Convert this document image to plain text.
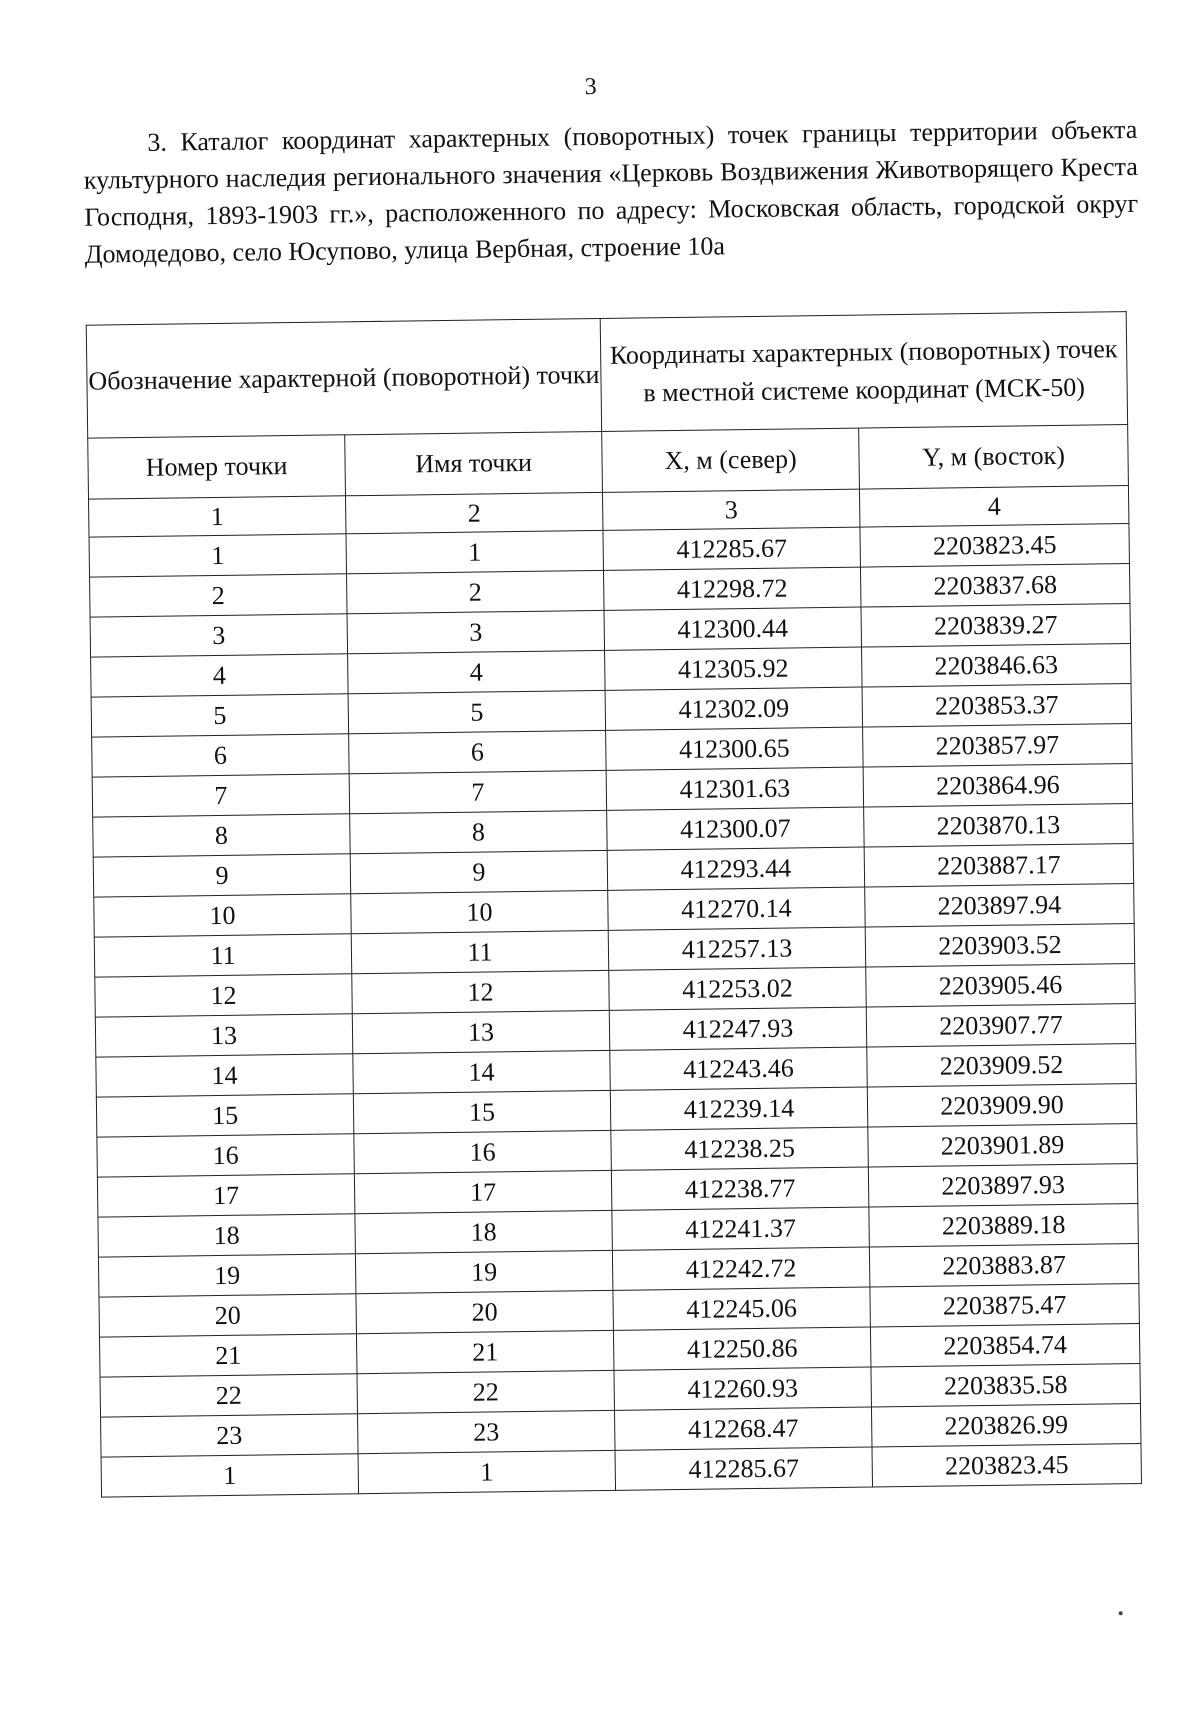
3

3. Каталог координат характерных (поворотных) точек границы территории объекта культурного наследия регионального значения «Церковь Воздвижения Животворящего Креста Господня, 1893-1903 гг.», расположенного по адресу: Московская область, городской округ Домодедово, село Юсупово, улица Вербная, строение 10а

Обозначение характерной (поворотной) точки		Координаты характерных (поворотных) точек в местной системе координат (МСК-50)	
Номер точки	Имя точки	X, м (север)	Y, м (восток)
1	2	3	4
1	1	412285.67	2203823.45
2	2	412298.72	2203837.68
3	3	412300.44	2203839.27
4	4	412305.92	2203846.63
5	5	412302.09	2203853.37
6	6	412300.65	2203857.97
7	7	412301.63	2203864.96
8	8	412300.07	2203870.13
9	9	412293.44	2203887.17
10	10	412270.14	2203897.94
11	11	412257.13	2203903.52
12	12	412253.02	2203905.46
13	13	412247.93	2203907.77
14	14	412243.46	2203909.52
15	15	412239.14	2203909.90
16	16	412238.25	2203901.89
17	17	412238.77	2203897.93
18	18	412241.37	2203889.18
19	19	412242.72	2203883.87
20	20	412245.06	2203875.47
21	21	412250.86	2203854.74
22	22	412260.93	2203835.58
23	23	412268.47	2203826.99
1	1	412285.67	2203823.45
